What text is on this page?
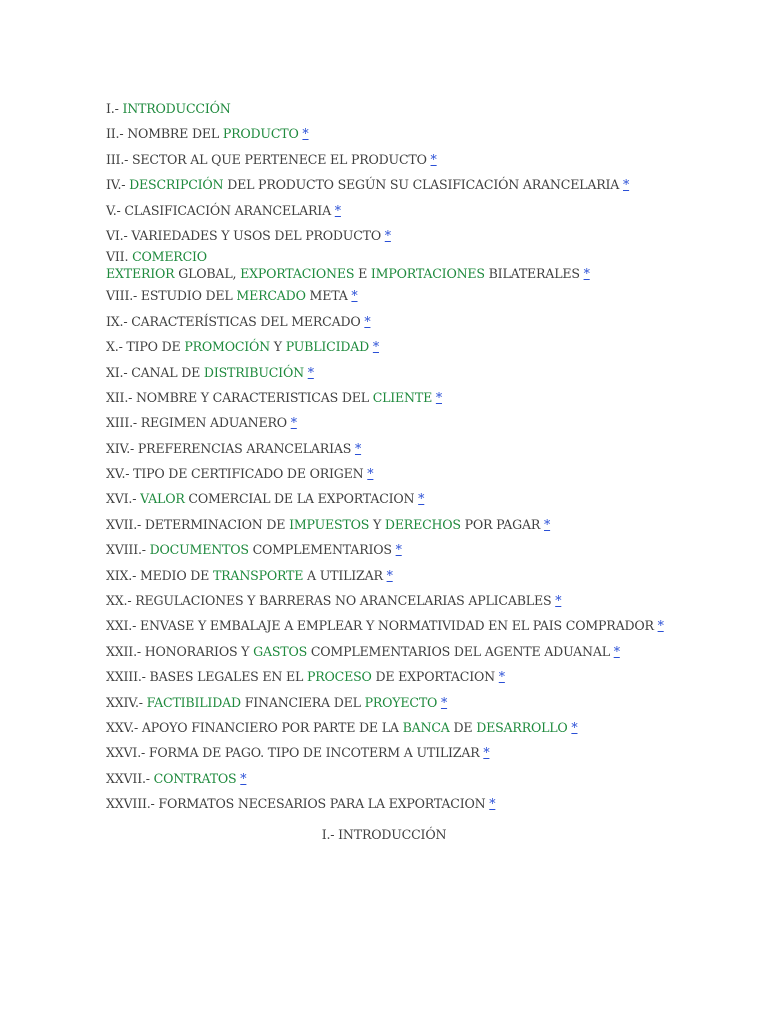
I.- INTRODUCCIÓN
II.- NOMBRE DEL PRODUCTO *
III.- SECTOR AL QUE PERTENECE EL PRODUCTO *
IV.- DESCRIPCIÓN DEL PRODUCTO SEGÚN SU CLASIFICACIÓN ARANCELARIA *
V.- CLASIFICACIÓN ARANCELARIA *
VI.- VARIEDADES Y USOS DEL PRODUCTO *
VII. COMERCIO
EXTERIOR GLOBAL, EXPORTACIONES E IMPORTACIONES BILATERALES *
VIII.- ESTUDIO DEL MERCADO META *
IX.- CARACTERÍSTICAS DEL MERCADO *
X.- TIPO DE PROMOCIÓN Y PUBLICIDAD *
XI.- CANAL DE DISTRIBUCIÓN *
XII.- NOMBRE Y CARACTERISTICAS DEL CLIENTE *
XIII.- REGIMEN ADUANERO *
XIV.- PREFERENCIAS ARANCELARIAS *
XV.- TIPO DE CERTIFICADO DE ORIGEN *
XVI.- VALOR COMERCIAL DE LA EXPORTACION *
XVII.- DETERMINACION DE IMPUESTOS Y DERECHOS POR PAGAR *
XVIII.- DOCUMENTOS COMPLEMENTARIOS *
XIX.- MEDIO DE TRANSPORTE A UTILIZAR *
XX.- REGULACIONES Y BARRERAS NO ARANCELARIAS APLICABLES *
XXI.- ENVASE Y EMBALAJE A EMPLEAR Y NORMATIVIDAD EN EL PAIS COMPRADOR *
XXII.- HONORARIOS Y GASTOS COMPLEMENTARIOS DEL AGENTE ADUANAL *
XXIII.- BASES LEGALES EN EL PROCESO DE EXPORTACION *
XXIV.- FACTIBILIDAD FINANCIERA DEL PROYECTO *
XXV.- APOYO FINANCIERO POR PARTE DE LA BANCA DE DESARROLLO *
XXVI.- FORMA DE PAGO. TIPO DE INCOTERM A UTILIZAR *
XXVII.- CONTRATOS *
XXVIII.- FORMATOS NECESARIOS PARA LA EXPORTACION *
I.- INTRODUCCIÓN
